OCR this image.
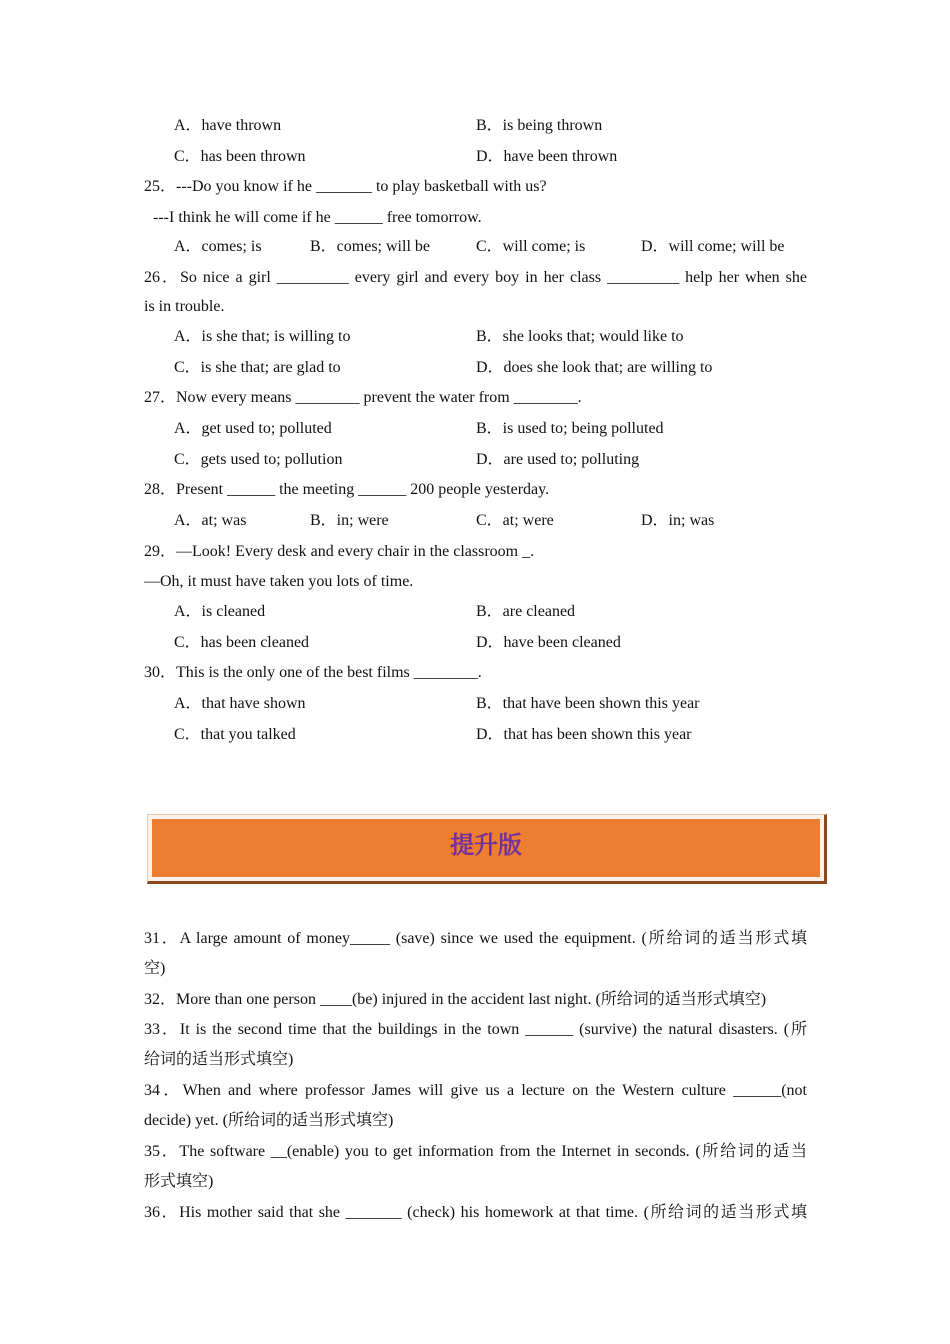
A．have thrown	B．is being thrown
C．has been thrown	D．have been thrown
25．---Do you know if he _______ to play basketball with us?
---I think he will come if he ______ free tomorrow.
A．comes; is	B．comes; will be	C．will come; is	D．will come; will be
26．So nice a girl _________ every girl and every boy in her class _________ help her when she
is in trouble.
A．is she that; is willing to	B．she looks that; would like to
C．is she that; are glad to	D．does she look that; are willing to
27．Now every means ________ prevent the water from ________.
A．get used to; polluted	B．is used to; being polluted
C．gets used to; pollution	D．are used to; polluting
28．Present ______ the meeting ______ 200 people yesterday.
A．at; was	B．in; were	C．at; were	D．in; was
29．—Look! Every desk and every chair in the classroom _.
—Oh, it must have taken you lots of time.
A．is cleaned	B．are cleaned
C．has been cleaned	D．have been cleaned
30．This is the only one of the best films ________.
A．that have shown	B．that have been shown this year
C．that you talked	D．that has been shown this year
提升版
31．A large amount of money_____ (save) since we used the equipment. (所给词的适当形式填
空)
32．More than one person ____(be) injured in the accident last night. (所给词的适当形式填空)
33．It is the second time that the buildings in the town ______ (survive) the natural disasters. (所
给词的适当形式填空)
34．When and where professor James will give us a lecture on the Western culture ______(not
decide) yet. (所给词的适当形式填空)
35．The software __(enable) you to get information from the Internet in seconds. (所给词的适当
形式填空)
36．His mother said that she _______ (check) his homework at that time. (所给词的适当形式填
